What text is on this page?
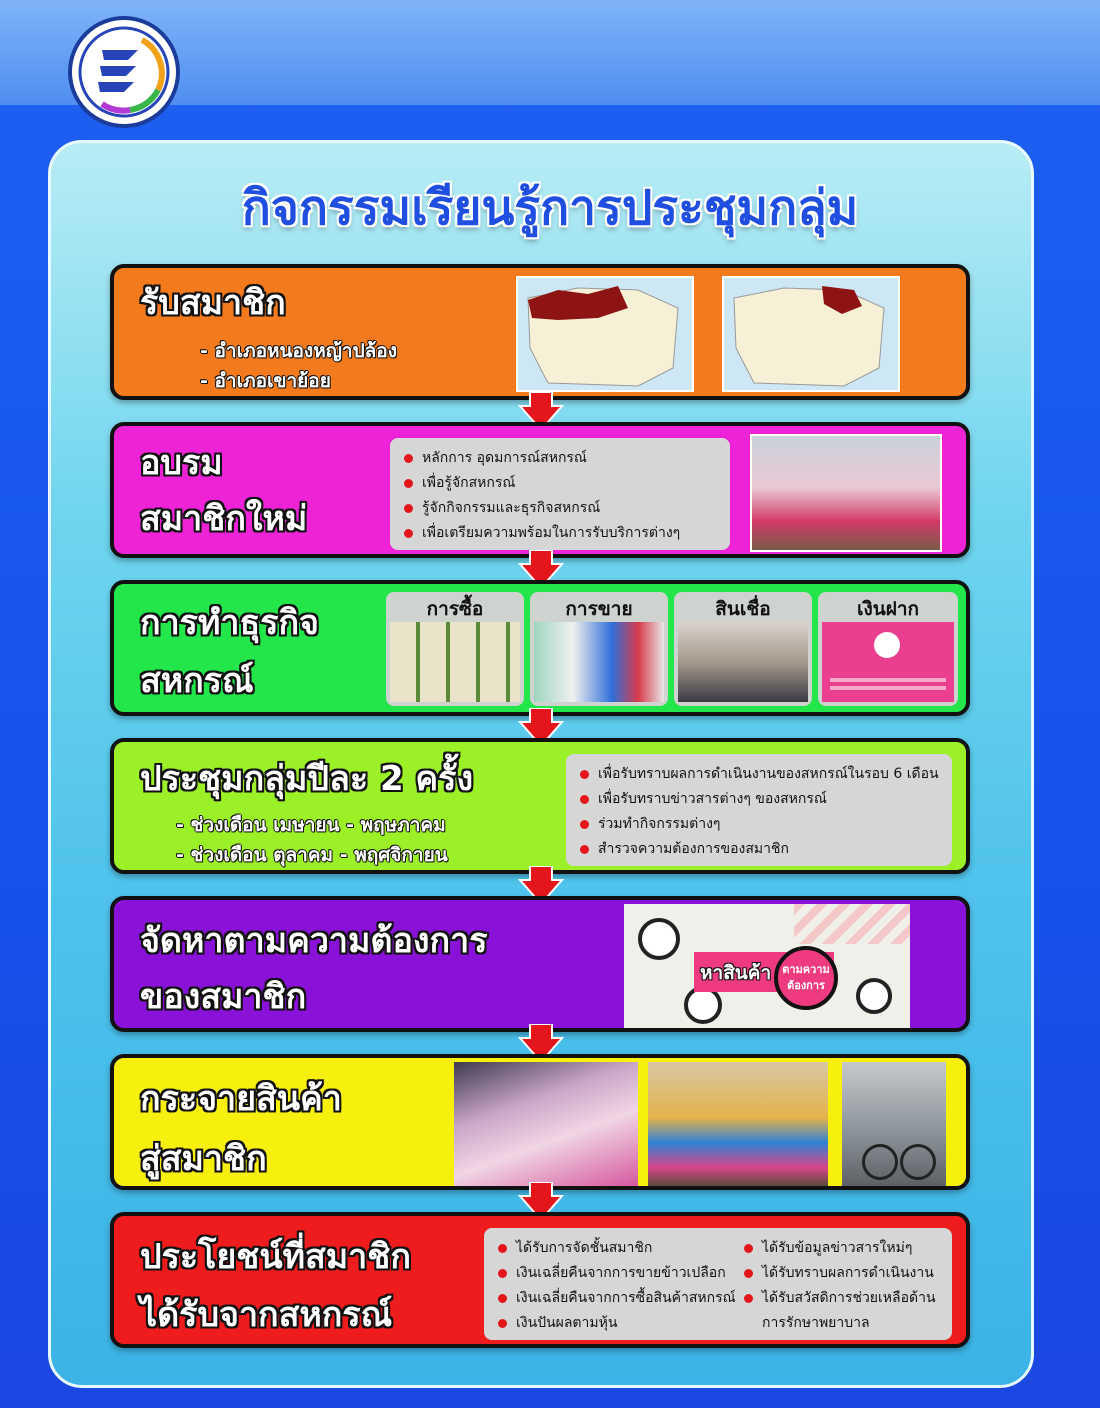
กิจกรรมเรียนรู้การประชุมกลุ่ม
รับสมาชิก
- อำเภอหนองหญ้าปล้อง
- อำเภอเขาย้อย
อบรม
สมาชิกใหม่
หลักการ อุดมการณ์สหกรณ์
เพื่อรู้จักสหกรณ์
รู้จักกิจกรรมและธุรกิจสหกรณ์
เพื่อเตรียมความพร้อมในการรับบริการต่างๆ
การทำธุรกิจ
สหกรณ์
การซื้อ	การขาย	สินเชื่อ	เงินฝาก
ประชุมกลุ่มปีละ 2 ครั้ง
- ช่วงเดือน เมษายน - พฤษภาคม
- ช่วงเดือน ตุลาคม - พฤศจิกายน
เพื่อรับทราบผลการดำเนินงานของสหกรณ์ในรอบ 6 เดือน
เพื่อรับทราบข่าวสารต่างๆ ของสหกรณ์
ร่วมทำกิจกรรมต่างๆ
สำรวจความต้องการของสมาชิก
จัดหาตามความต้องการ
ของสมาชิก
หาสินค้า	ตามความ
ต้องการ
กระจายสินค้า
สู่สมาชิก
ประโยชน์ที่สมาชิก
ได้รับจากสหกรณ์
ได้รับการจัดชั้นสมาชิก
เงินเฉลี่ยคืนจากการขายข้าวเปลือก
เงินเฉลี่ยคืนจากการซื้อสินค้าสหกรณ์
เงินปันผลตามหุ้น
ได้รับข้อมูลข่าวสารใหม่ๆ
ได้รับทราบผลการดำเนินงาน
ได้รับสวัสดิการช่วยเหลือด้าน
การรักษาพยาบาล
